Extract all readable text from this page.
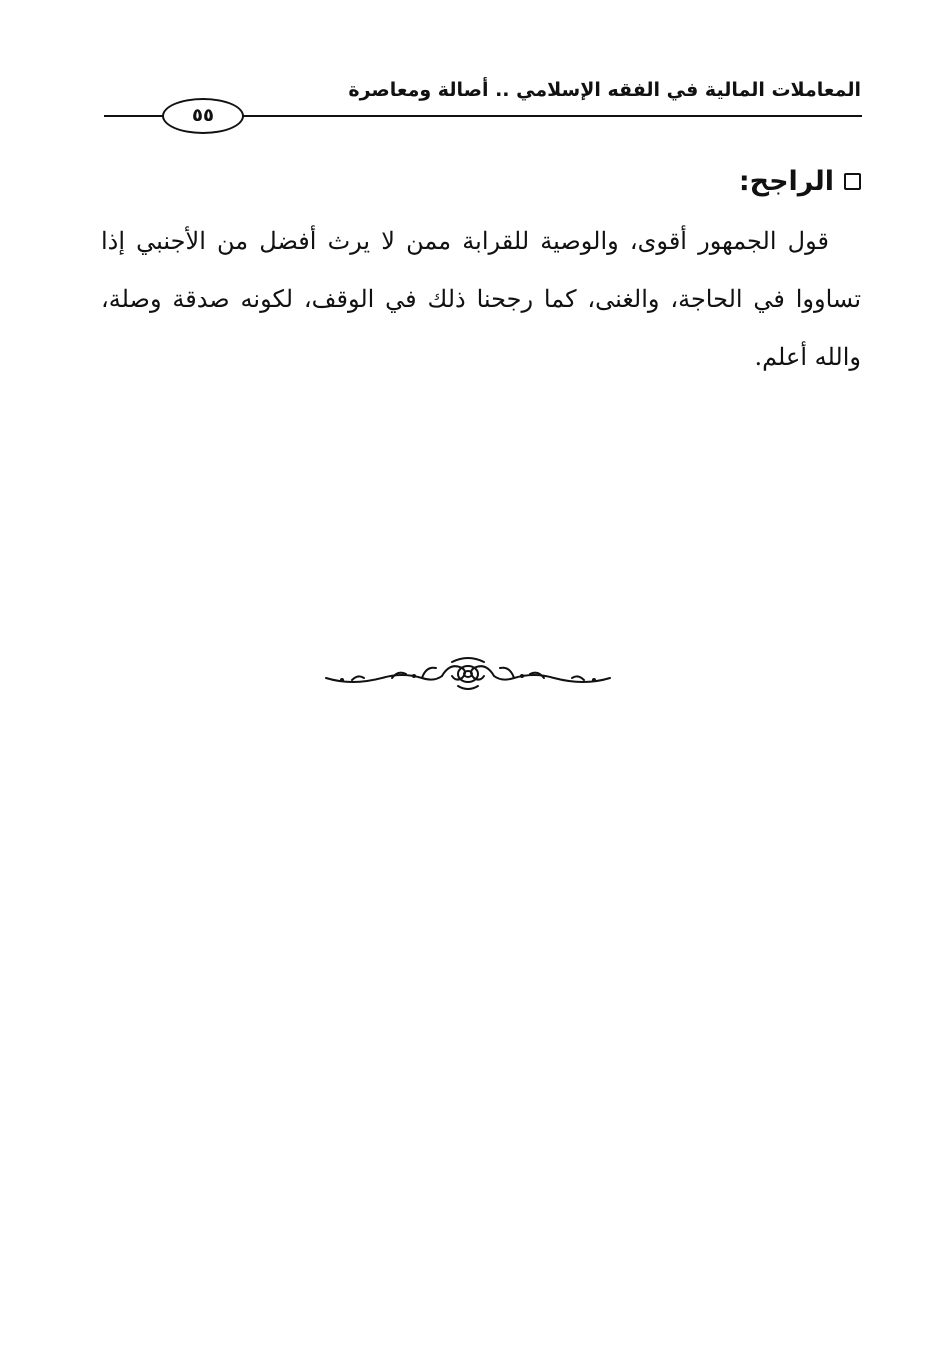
المعاملات المالية في الفقه الإسلامي .. أصالة ومعاصرة
٥٥
الراجح:

قول الجمهور أقوى، والوصية للقرابة ممن لا يرث أفضل من الأجنبي إذا تساووا في الحاجة، والغنى، كما رجحنا ذلك في الوقف، لكونه صدقة وصلة، والله أعلم.
